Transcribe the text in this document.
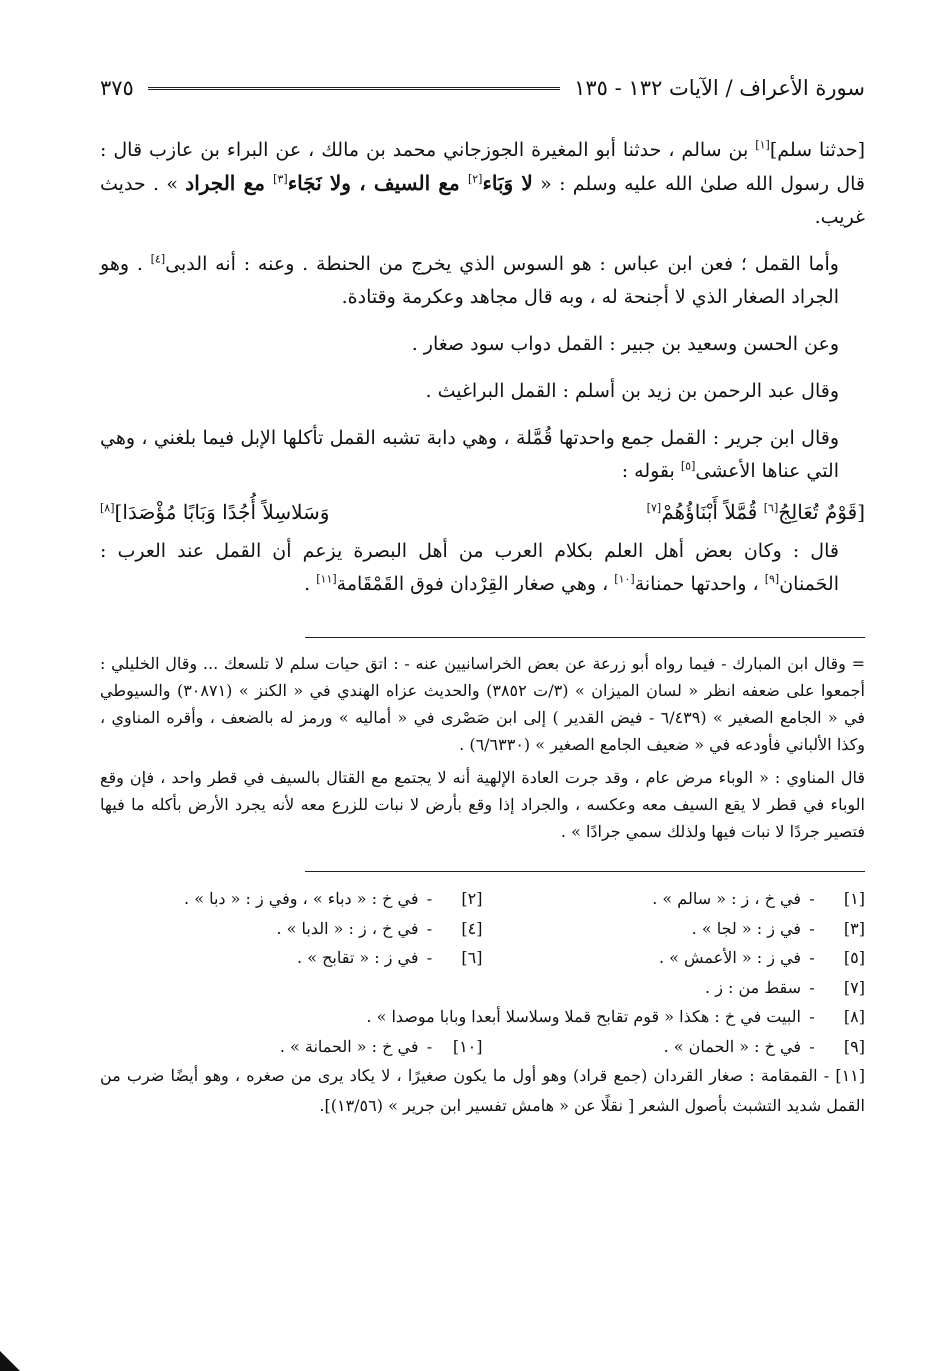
سورة الأعراف / الآيات ١٣٢ - ١٣٥
٣٧٥

[حدثنا سلم][١] بن سالم ، حدثنا أبو المغيرة الجوزجاني محمد بن مالك ، عن البراء بن عازب قال : قال رسول الله صلىٰ الله عليه وسلم : « لا وَبَاء[٢] مع السيف ، ولا نَجَاء[٣] مع الجراد » . حديث غريب.

وأما القمل ؛ فعن ابن عباس : هو السوس الذي يخرج من الحنطة . وعنه : أنه الدبى[٤] . وهو الجراد الصغار الذي لا أجنحة له ، وبه قال مجاهد وعكرمة وقتادة.

وعن الحسن وسعيد بن جبير : القمل دواب سود صغار .

وقال عبد الرحمن بن زيد بن أسلم : القمل البراغيث .

وقال ابن جرير : القمل جمع واحدتها قُمَّلة ، وهي دابة تشبه القمل تأكلها الإبل فيما بلغني ، وهي التي عناها الأعشى[٥] بقوله :

[قَوْمٌ تُعَالِجُ[٦] قُمَّلاً أَبْنَاؤُهُمْ[٧]
وَسَلاسِلاً أُجُدًا وَبَابًا مُؤْصَدَا][٨]

قال : وكان بعض أهل العلم بكلام العرب من أهل البصرة يزعم أن القمل عند العرب : الحَمنان[٩] ، واحدتها حمنانة[١٠] ، وهي صغار القِرْدان فوق القَمْقَامة[١١] .

= وقال ابن المبارك - فيما رواه أبو زرعة عن بعض الخراسانيين عنه - : اتق حيات سلم لا تلسعك ... وقال الخليلي : أجمعوا على ضعفه انظر « لسان الميزان » (٣/ت ٣٨٥٢) والحديث عزاه الهندي في « الكنز » (٣٠٨٧١) والسيوطي في « الجامع الصغير » (٦/٤٣٩ - فيض القدير ) إلى ابن صَصْرى في « أماليه » ورمز له بالضعف ، وأقره المناوي ، وكذا الألباني فأودعه في « ضعيف الجامع الصغير » (٦/٦٣٣٠) .

قال المناوي : « الوباء مرض عام ، وقد جرت العادة الإلهية أنه لا يجتمع مع القتال بالسيف في قطر واحد ، فإن وقع الوباء في قطر لا يقع السيف معه وعكسه ، والجراد إذا وقع بأرض لا نبات للزرع معه لأنه يجرد الأرض بأكله ما فيها فتصير جردًا لا نبات فيها ولذلك سمي جرادًا » .

[١]
-
في خ ، ز : « سالم » .
[٢]
-
في خ : « دباء » ، وفي ز : « دبا » .
[٣]
-
في ز : « لجا » .
[٤]
-
في خ ، ز : « الدبا » .
[٥]
-
في ز : « الأعمش » .
[٦]
-
في ز : « تقابح » .
[٧]
-
سقط من : ز .
[٨]
-
البيت في خ : هكذا « قوم تقابح قملا وسلاسلا أبعدا وبابا موصدا » .
[٩]
-
في خ : « الحمان » .
[١٠]
-
في خ : « الحمانة » .
[١١] - القمقامة : صغار القردان (جمع قراد) وهو أول ما يكون صغيرًا ، لا يكاد يرى من صغره ، وهو أيضًا ضرب من القمل شديد التشبث بأصول الشعر [ نقلًا عن « هامش تفسير ابن جرير » (١٣/٥٦)].
